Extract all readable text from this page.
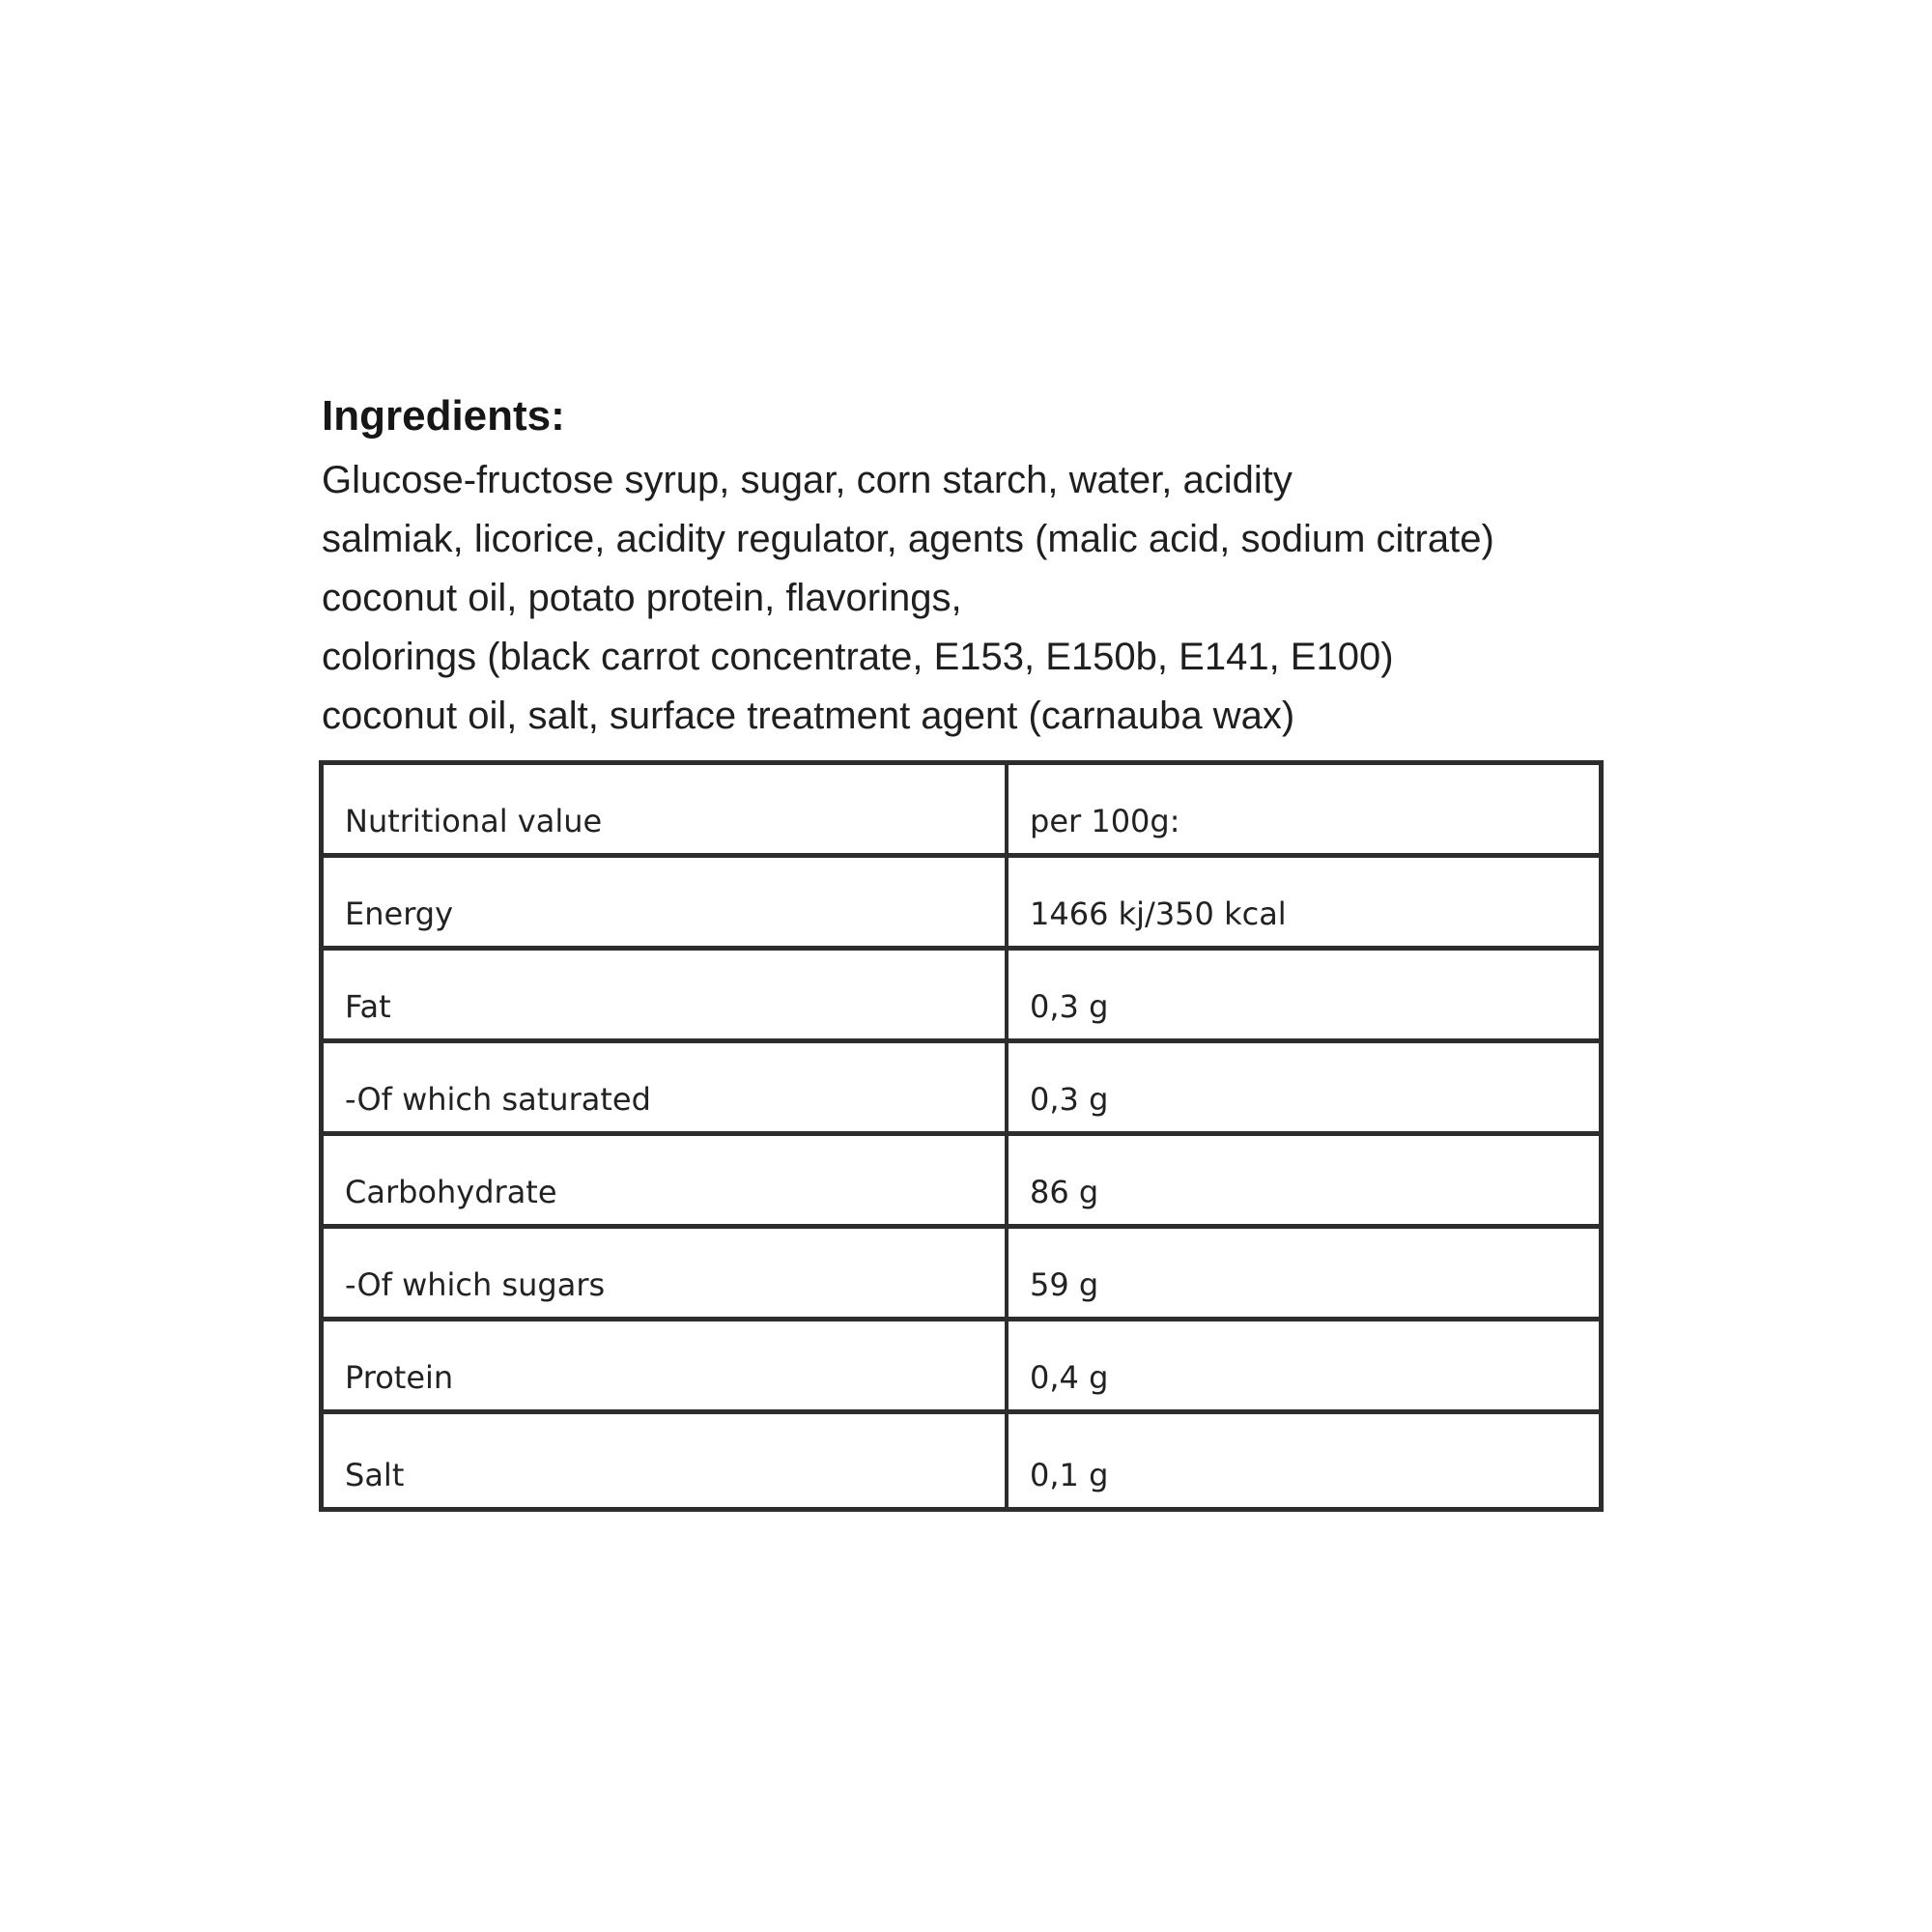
Ingredients:
Glucose-fructose syrup, sugar, corn starch, water, acidity
salmiak, licorice, acidity regulator, agents (malic acid, sodium citrate)
coconut oil, potato protein, flavorings,
colorings (black carrot concentrate, E153, E150b, E141, E100)
coconut oil, salt, surface treatment agent (carnauba wax)
Nutritional value	per 100g:
Energy	1466 kj/350 kcal
Fat	0,3 g
-Of which saturated	0,3 g
Carbohydrate	86 g
-Of which sugars	59 g
Protein	0,4 g
Salt	0,1 g
